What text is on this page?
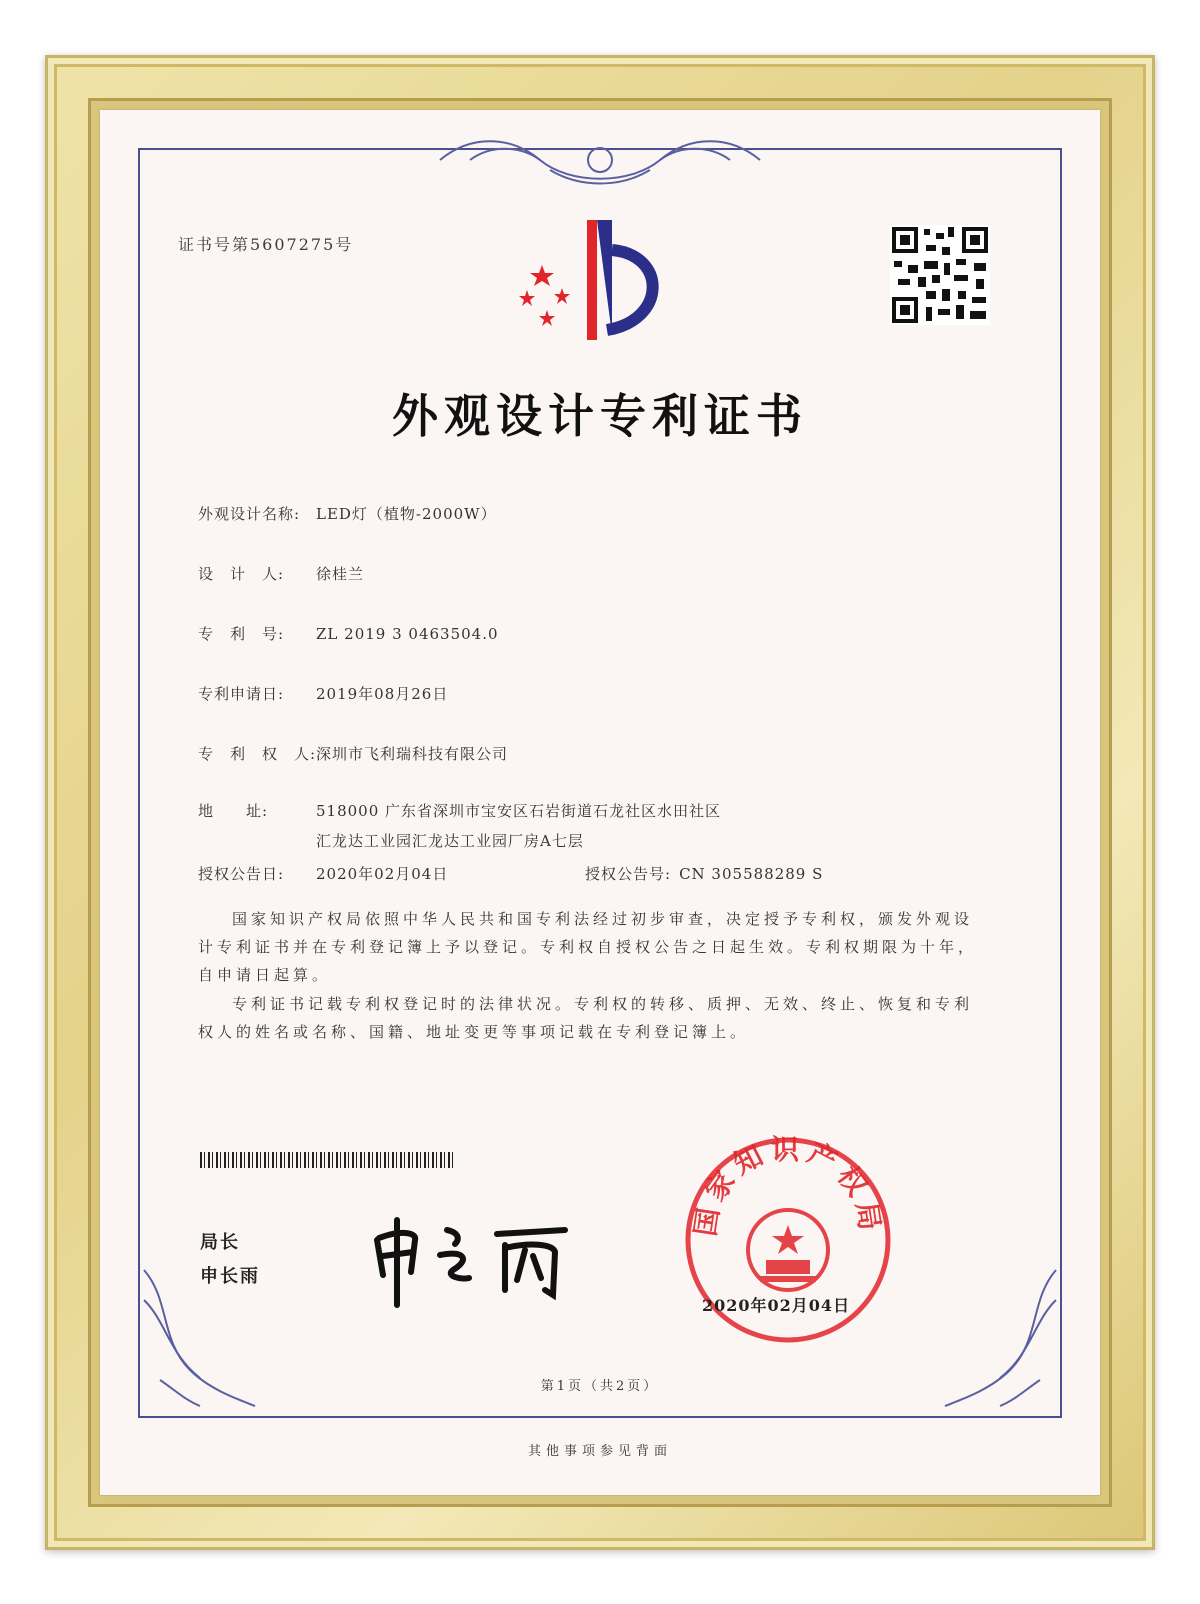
证书号第5607275号
外观设计专利证书
外观设计名称: LED灯（植物-2000W）
设　计　人: 徐桂兰
专　利　号: ZL 2019 3 0463504.0
专利申请日: 2019年08月26日
专　利　权　人:深圳市飞利瑞科技有限公司
地　　址:	518000 广东省深圳市宝安区石岩街道石龙社区水田社区
汇龙达工业园汇龙达工业园厂房A七层
授权公告日: 2020年02月04日	授权公告号: CN 305588289 S
国家知识产权局依照中华人民共和国专利法经过初步审查，决定授予专利权，颁发外观设计专利证书并在专利登记簿上予以登记。专利权自授权公告之日起生效。专利权期限为十年，自申请日起算。
专利证书记载专利权登记时的法律状况。专利权的转移、质押、无效、终止、恢复和专利权人的姓名或名称、国籍、地址变更等事项记载在专利登记簿上。
局长
申长雨
国家知识产权局
2020年02月04日
第1页（共2页）
其他事项参见背面
